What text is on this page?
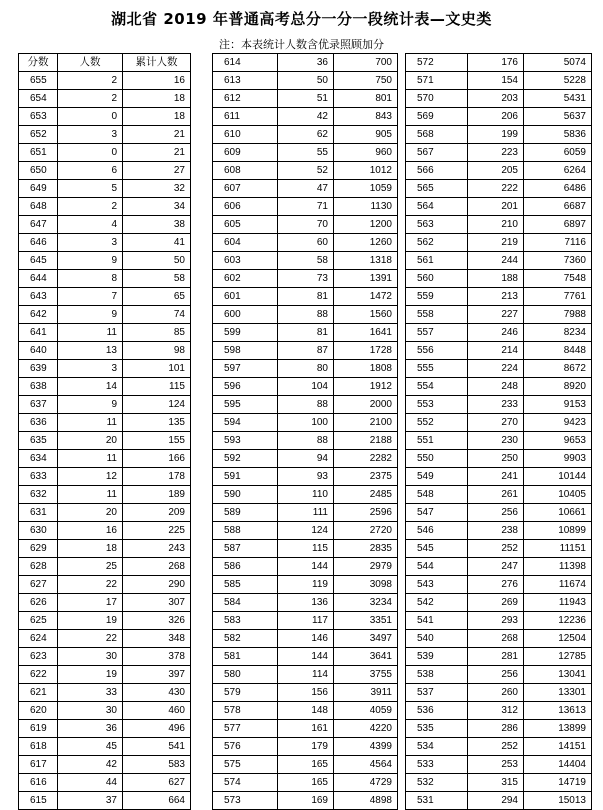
湖北省 2019 年普通高考总分一分一段统计表—文史类
注：本表统计人数含优录照顾加分
分数	人数	累计人数
655	2	16
654	2	18
653	0	18
652	3	21
651	0	21
650	6	27
649	5	32
648	2	34
647	4	38
646	3	41
645	9	50
644	8	58
643	7	65
642	9	74
641	11	85
640	13	98
639	3	101
638	14	115
637	9	124
636	11	135
635	20	155
634	11	166
633	12	178
632	11	189
631	20	209
630	16	225
629	18	243
628	25	268
627	22	290
626	17	307
625	19	326
624	22	348
623	30	378
622	19	397
621	33	430
620	30	460
619	36	496
618	45	541
617	42	583
616	44	627
615	37	664
614	36	700
613	50	750
612	51	801
611	42	843
610	62	905
609	55	960
608	52	1012
607	47	1059
606	71	1130
605	70	1200
604	60	1260
603	58	1318
602	73	1391
601	81	1472
600	88	1560
599	81	1641
598	87	1728
597	80	1808
596	104	1912
595	88	2000
594	100	2100
593	88	2188
592	94	2282
591	93	2375
590	110	2485
589	111	2596
588	124	2720
587	115	2835
586	144	2979
585	119	3098
584	136	3234
583	117	3351
582	146	3497
581	144	3641
580	114	3755
579	156	3911
578	148	4059
577	161	4220
576	179	4399
575	165	4564
574	165	4729
573	169	4898
572	176	5074
571	154	5228
570	203	5431
569	206	5637
568	199	5836
567	223	6059
566	205	6264
565	222	6486
564	201	6687
563	210	6897
562	219	7116
561	244	7360
560	188	7548
559	213	7761
558	227	7988
557	246	8234
556	214	8448
555	224	8672
554	248	8920
553	233	9153
552	270	9423
551	230	9653
550	250	9903
549	241	10144
548	261	10405
547	256	10661
546	238	10899
545	252	11151
544	247	11398
543	276	11674
542	269	11943
541	293	12236
540	268	12504
539	281	12785
538	256	13041
537	260	13301
536	312	13613
535	286	13899
534	252	14151
533	253	14404
532	315	14719
531	294	15013
